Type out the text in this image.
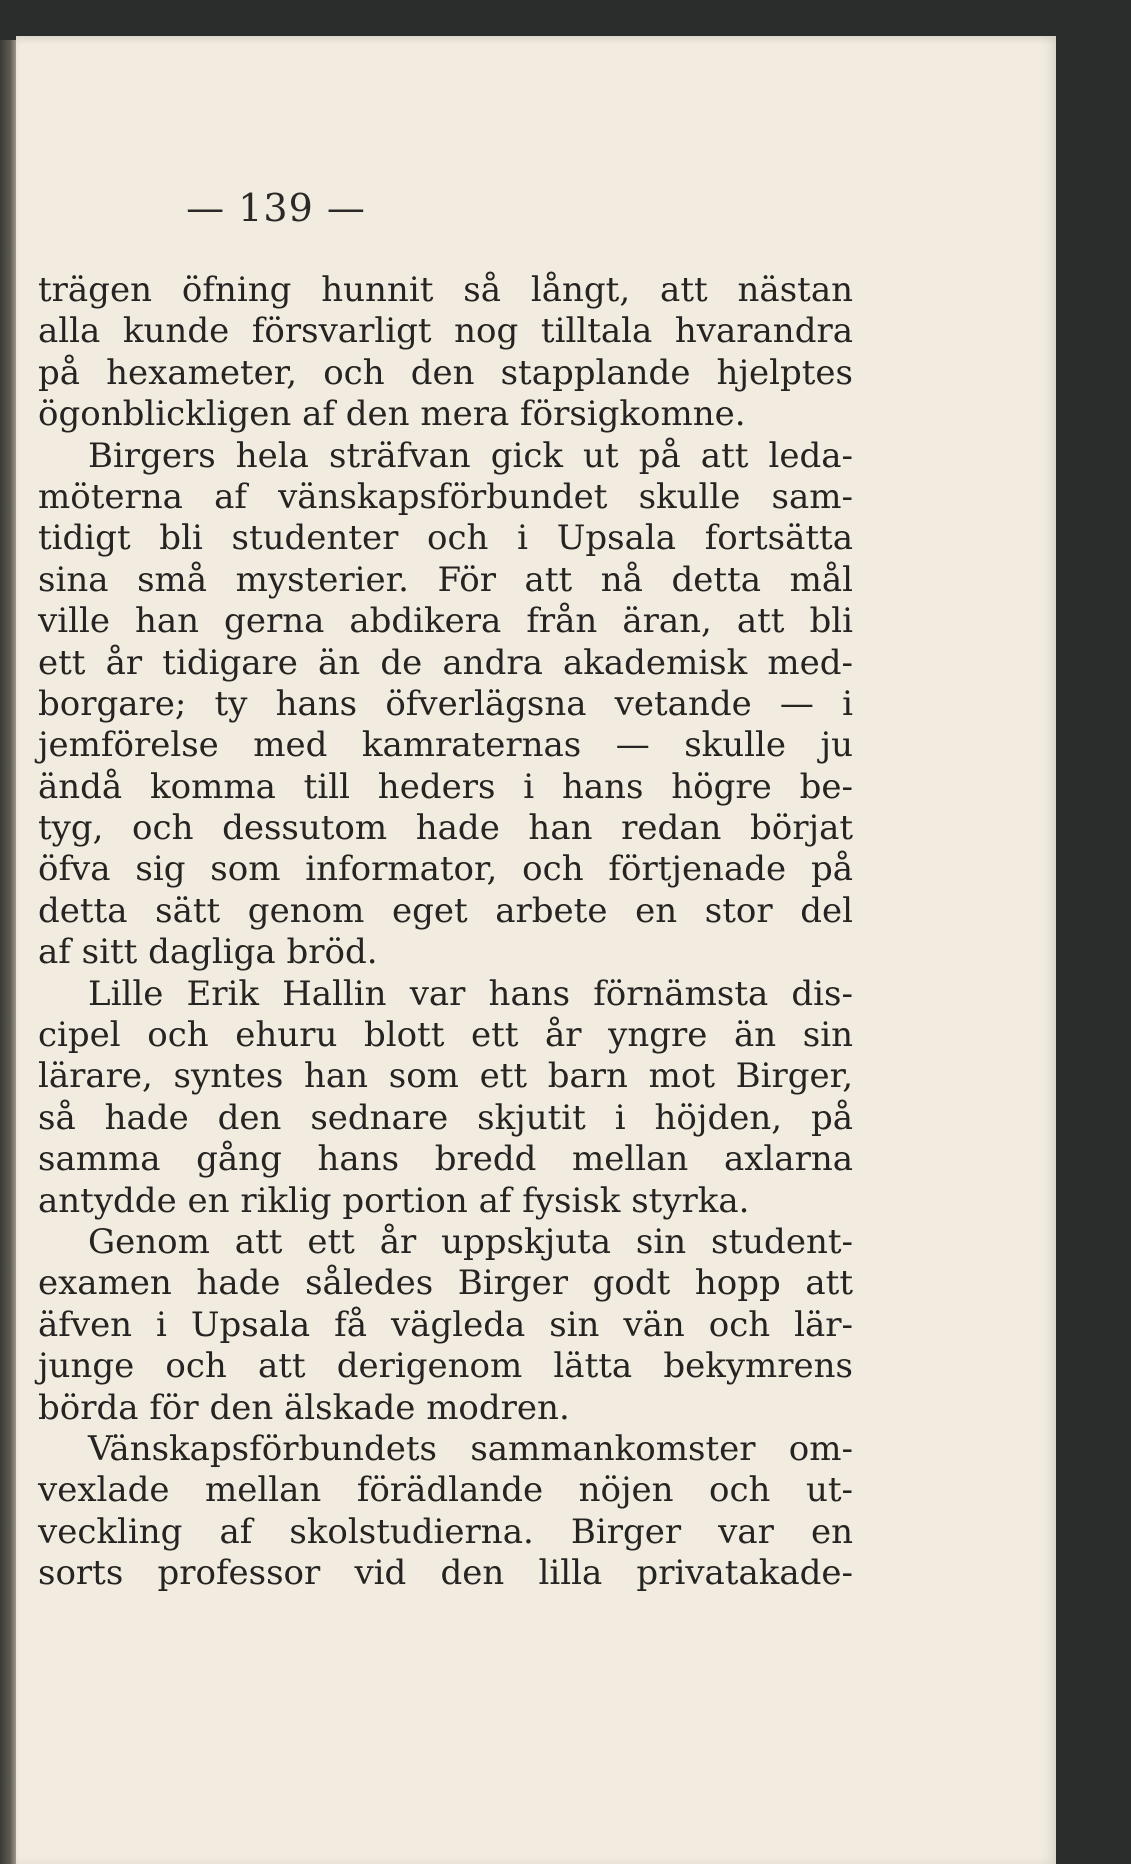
— 139 —
trägen öfning hunnit så långt, att nästan
alla kunde försvarligt nog tilltala hvarandra
på hexameter, och den stapplande hjelptes
ögonblickligen af den mera försigkomne.
Birgers hela sträfvan gick ut på att leda-
möterna af vänskapsförbundet skulle sam-
tidigt bli studenter och i Upsala fortsätta
sina små mysterier. För att nå detta mål
ville han gerna abdikera från äran, att bli
ett år tidigare än de andra akademisk med-
borgare; ty hans öfverlägsna vetande — i
jemförelse med kamraternas — skulle ju
ändå komma till heders i hans högre be-
tyg, och dessutom hade han redan börjat
öfva sig som informator, och förtjenade på
detta sätt genom eget arbete en stor del
af sitt dagliga bröd.
Lille Erik Hallin var hans förnämsta dis-
cipel och ehuru blott ett år yngre än sin
lärare, syntes han som ett barn mot Birger,
så hade den sednare skjutit i höjden, på
samma gång hans bredd mellan axlarna
antydde en riklig portion af fysisk styrka.
Genom att ett år uppskjuta sin student-
examen hade således Birger godt hopp att
äfven i Upsala få vägleda sin vän och lär-
junge och att derigenom lätta bekymrens
börda för den älskade modren.
Vänskapsförbundets sammankomster om-
vexlade mellan förädlande nöjen och ut-
veckling af skolstudierna. Birger var en
sorts professor vid den lilla privatakade-
